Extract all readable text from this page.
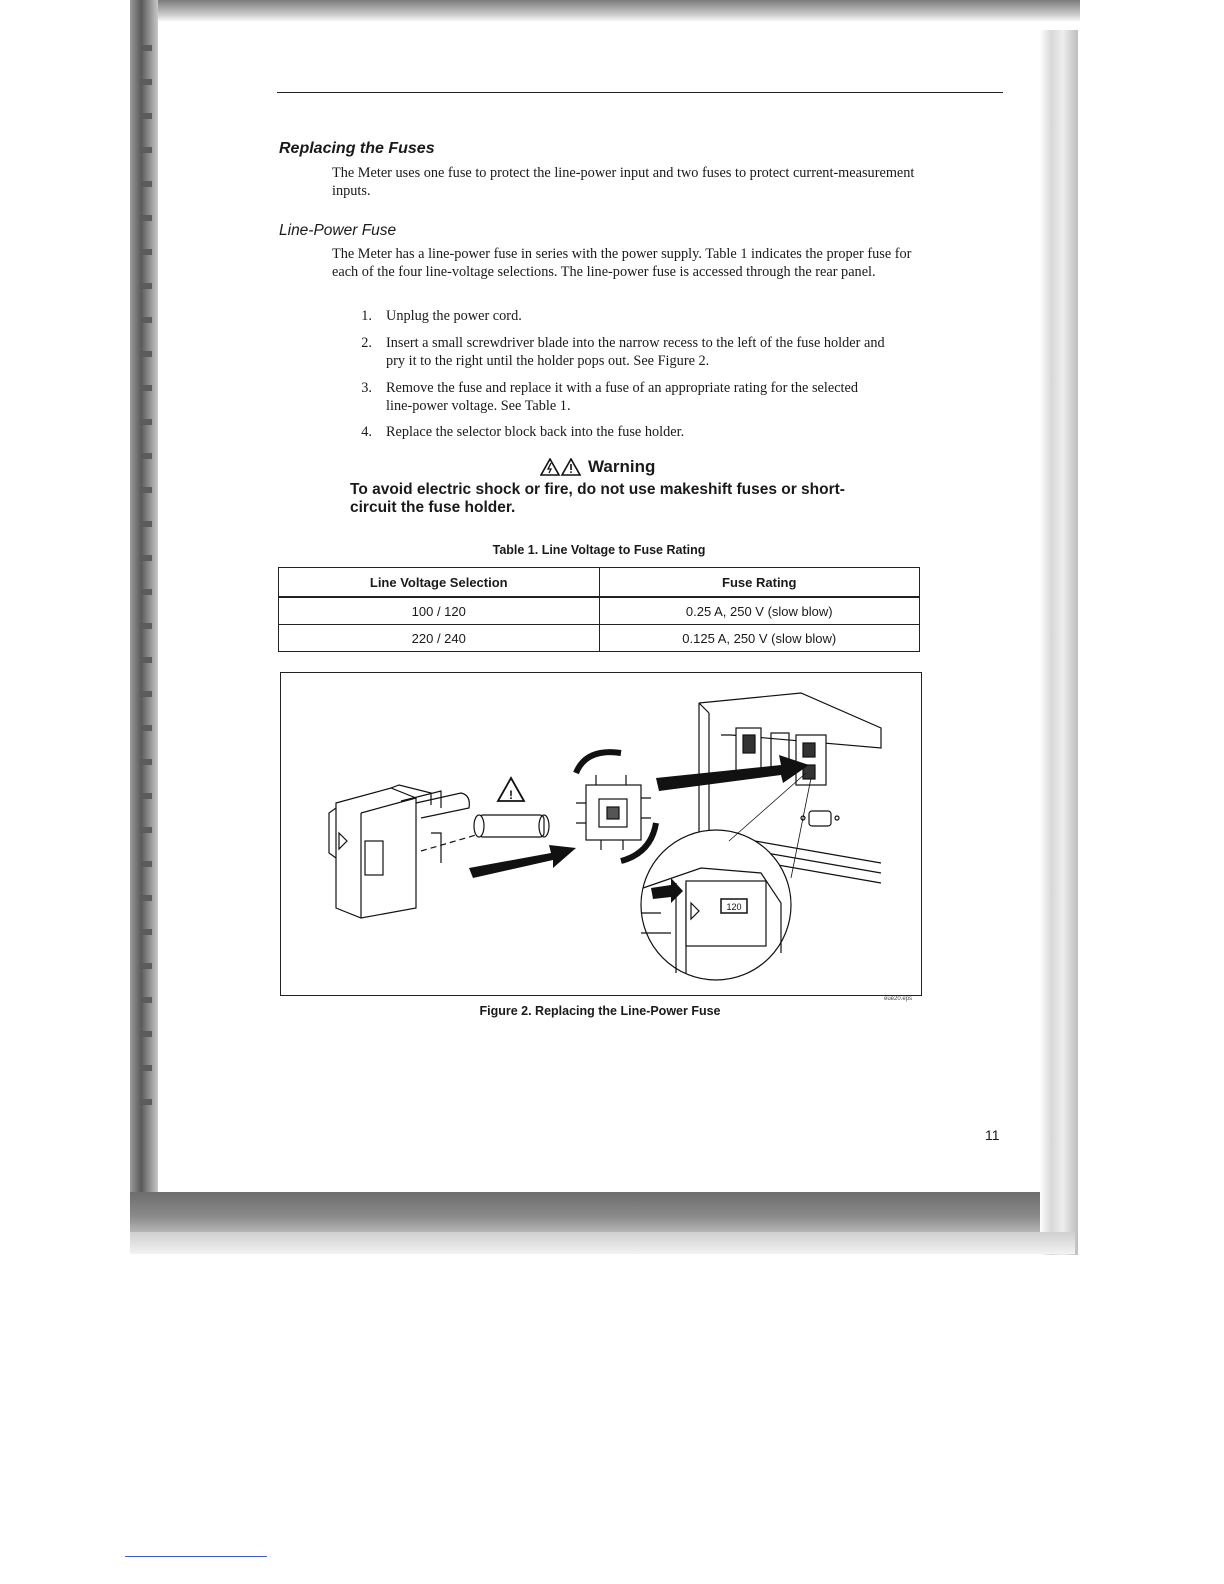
Replacing the Fuses
The Meter uses one fuse to protect the line-power input and two fuses to protect current-measurement inputs.
Line-Power Fuse
The Meter has a line-power fuse in series with the power supply. Table 1 indicates the proper fuse for each of the four line-voltage selections. The line-power fuse is accessed through the rear panel.
1. Unplug the power cord.
2. Insert a small screwdriver blade into the narrow recess to the left of the fuse holder and pry it to the right until the holder pops out. See Figure 2.
3. Remove the fuse and replace it with a fuse of an appropriate rating for the selected line-power voltage. See Table 1.
4. Replace the selector block back into the fuse holder.
Warning
To avoid electric shock or fire, do not use makeshift fuses or short-circuit the fuse holder.
Table 1. Line Voltage to Fuse Rating
Line Voltage Selection	Fuse Rating
100 / 120	0.25 A, 250 V (slow blow)
220 / 240	0.125 A, 250 V (slow blow)
!
120
eue20.eps
Figure 2. Replacing the Line-Power Fuse
11
